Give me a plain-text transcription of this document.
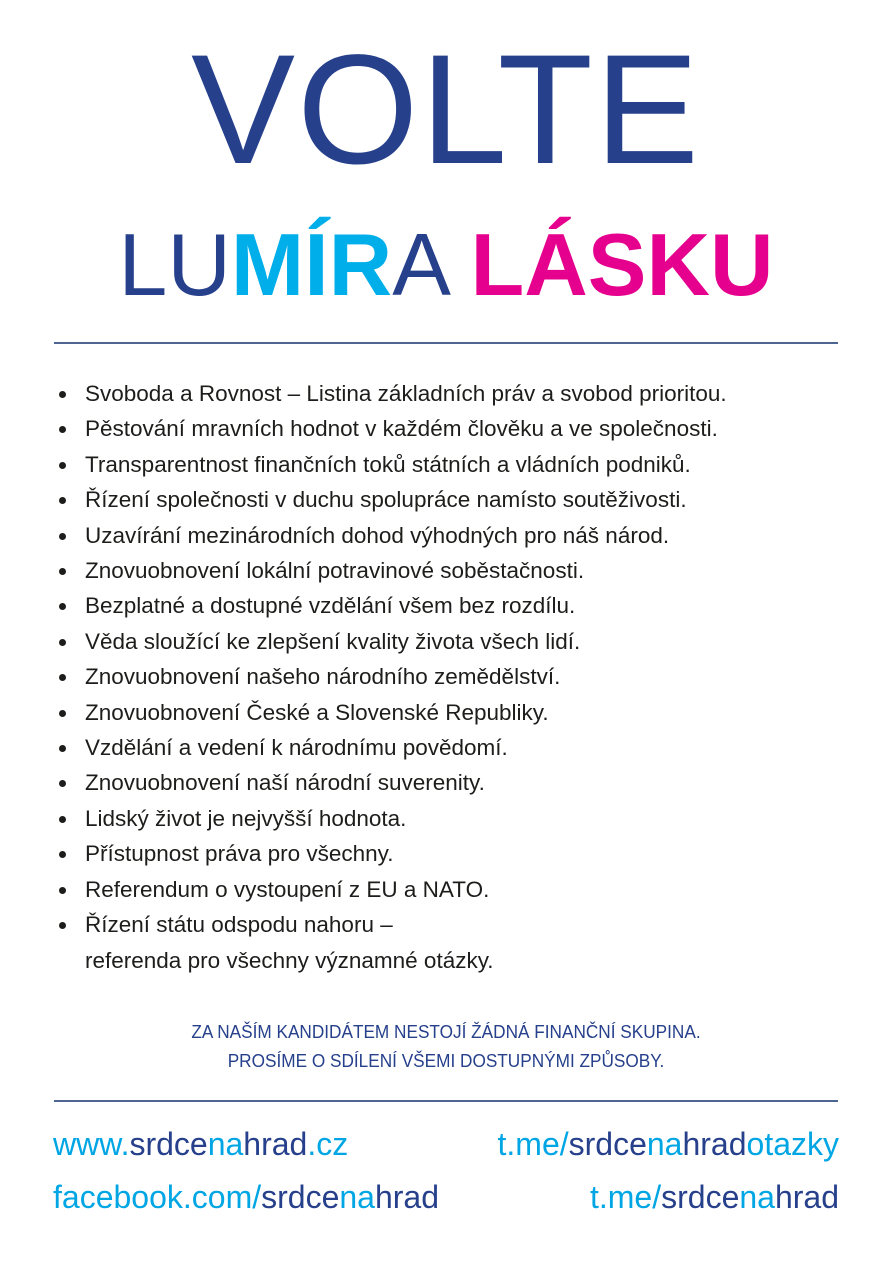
VOLTE
LUMÍRA LÁSKU
Svoboda a Rovnost – Listina základních práv a svobod prioritou.
Pěstování mravních hodnot v každém člověku a ve společnosti.
Transparentnost finančních toků státních a vládních podniků.
Řízení společnosti v duchu spolupráce namísto soutěživosti.
Uzavírání mezinárodních dohod výhodných pro náš národ.
Znovuobnovení lokální potravinové soběstačnosti.
Bezplatné a dostupné vzdělání všem bez rozdílu.
Věda sloužící ke zlepšení kvality života všech lidí.
Znovuobnovení našeho národního zemědělství.
Znovuobnovení České a Slovenské Republiky.
Vzdělání a vedení k národnímu povědomí.
Znovuobnovení naší národní suverenity.
Lidský život je nejvyšší hodnota.
Přístupnost práva pro všechny.
Referendum o vystoupení z EU a NATO.
Řízení státu odspodu nahoru –
referenda pro všechny významné otázky.
ZA NAŠÍM KANDIDÁTEM NESTOJÍ ŽÁDNÁ FINANČNÍ SKUPINA.
PROSÍME O SDÍLENÍ VŠEMI DOSTUPNÝMI ZPŮSOBY.
www.srdcenahrad.cz	t.me/srdcenahradotazky
facebook.com/srdcenahrad	t.me/srdcenahrad
